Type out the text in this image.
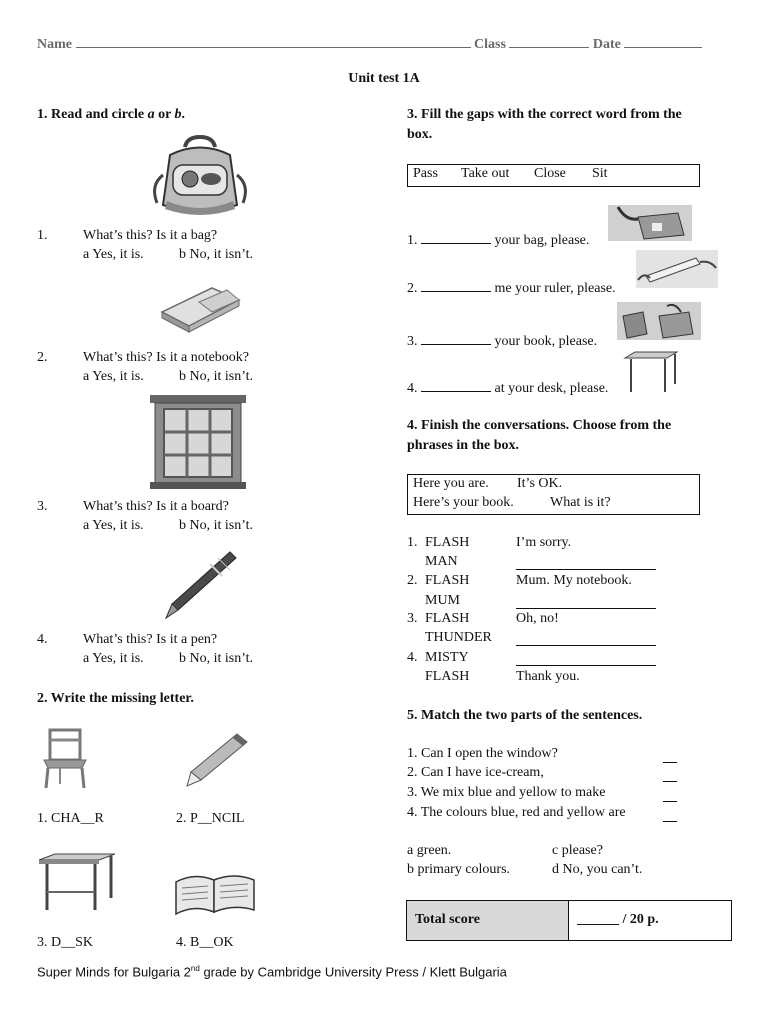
Name	Class	Date
Unit test 1A
1. Read and circle a or b.
1.	What’s this? Is it a bag?
a Yes, it is.	b No, it isn’t.
2.	What’s this? Is it a notebook?
a Yes, it is.	b No, it isn’t.
3.	What’s this? Is it a board?
a Yes, it is.	b No, it isn’t.
4.	What’s this? Is it a pen?
a Yes, it is.	b No, it isn’t.
2. Write the missing letter.
1. CHA__R	2. P__NCIL
3. D__SK	4. B__OK
3. Fill the gaps with the correct word from the
box.
Pass Take out Close Sit
1.	your bag, please.
2.	me your ruler, please.
3.	your book, please.
4.	at your desk, please.
4. Finish the conversations. Choose from the
phrases in the box.
Here you are. It’s OK.
Here’s your book.	What is it?
1. FLASH	I’m sorry.
MAN
2. FLASH	Mum. My notebook.
MUM
3. FLASH	Oh, no!
THUNDER
4. MISTY
FLASH	Thank you.
5. Match the two parts of the sentences.
1. Can I open the window?
2. Can I have ice-cream,
3. We mix blue and yellow to make
4. The colours blue, red and yellow are
a green.	c please?
b primary colours.	d No, you can’t.
Total score	______ / 20 p.
Super Minds for Bulgaria 2nd grade by Cambridge University Press / Klett Bulgaria
